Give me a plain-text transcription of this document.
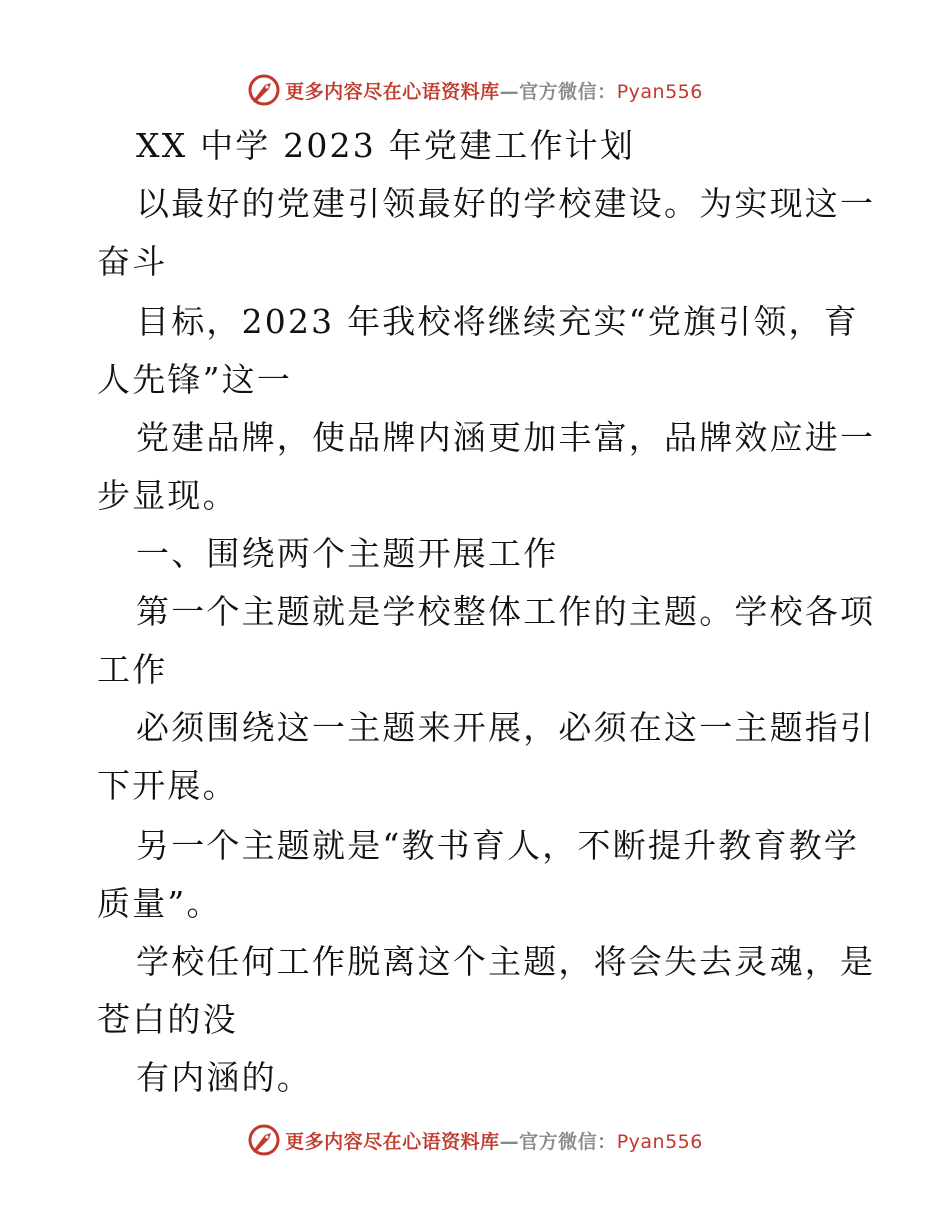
更多内容尽在心语资料库—官方微信：Pyan556
XX 中学 2023 年党建工作计划
以最好的党建引领最好的学校建设。为实现这一
奋斗
目标，2023 年我校将继续充实“党旗引领，育
人先锋”这一
党建品牌，使品牌内涵更加丰富，品牌效应进一
步显现。
一、围绕两个主题开展工作
第一个主题就是学校整体工作的主题。学校各项
工作
必须围绕这一主题来开展，必须在这一主题指引
下开展。
另一个主题就是“教书育人，不断提升教育教学
质量”。
学校任何工作脱离这个主题，将会失去灵魂，是
苍白的没
有内涵的。
更多内容尽在心语资料库—官方微信：Pyan556
